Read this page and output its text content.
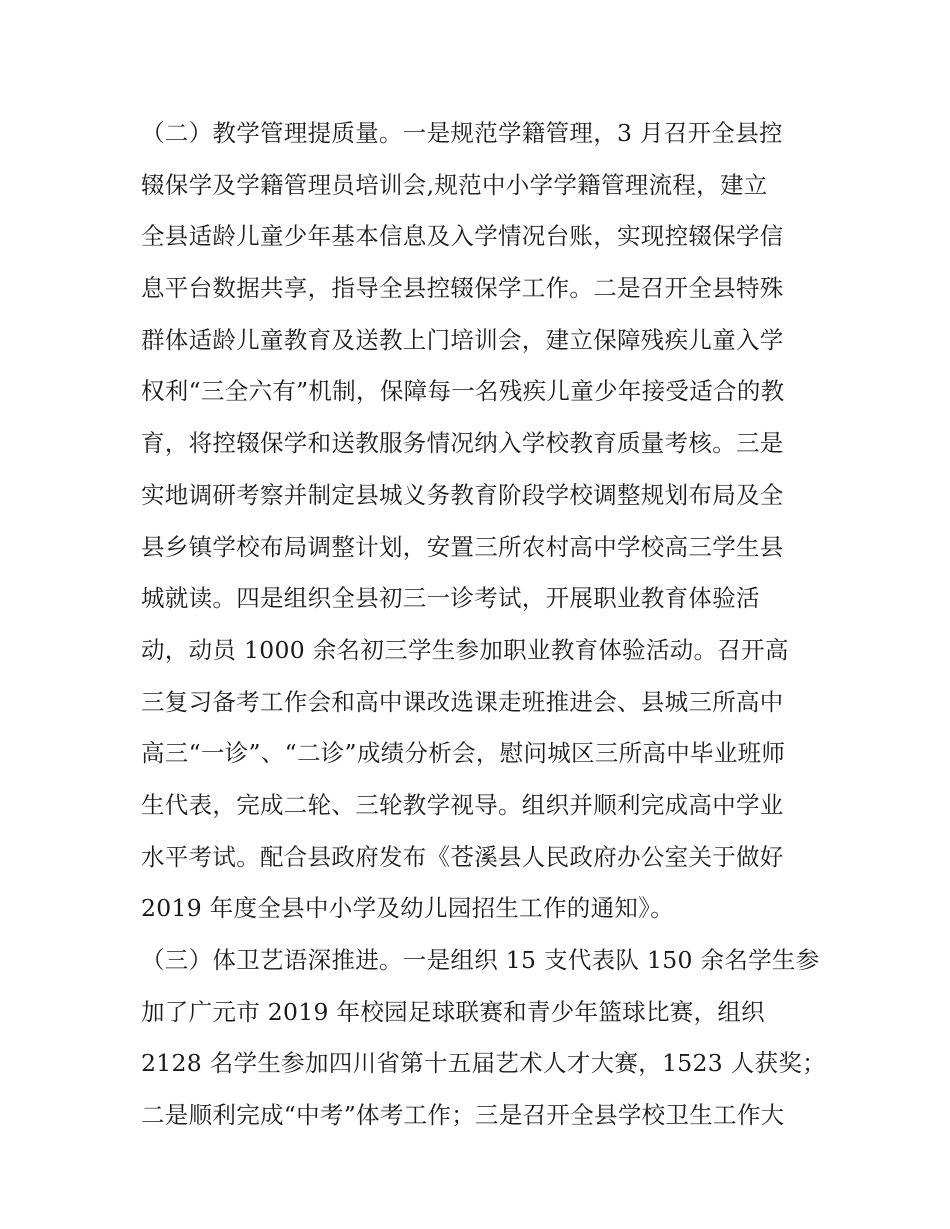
（二）教学管理提质量。一是规范学籍管理，3 月召开全县控
辍保学及学籍管理员培训会,规范中小学学籍管理流程，建立
全县适龄儿童少年基本信息及入学情况台账，实现控辍保学信
息平台数据共享，指导全县控辍保学工作。二是召开全县特殊
群体适龄儿童教育及送教上门培训会，建立保障残疾儿童入学
权利“三全六有”机制，保障每一名残疾儿童少年接受适合的教
育，将控辍保学和送教服务情况纳入学校教育质量考核。三是
实地调研考察并制定县城义务教育阶段学校调整规划布局及全
县乡镇学校布局调整计划，安置三所农村高中学校高三学生县
城就读。四是组织全县初三一诊考试，开展职业教育体验活
动，动员 1000 余名初三学生参加职业教育体验活动。召开高
三复习备考工作会和高中课改选课走班推进会、县城三所高中
高三“一诊”、“二诊”成绩分析会，慰问城区三所高中毕业班师
生代表，完成二轮、三轮教学视导。组织并顺利完成高中学业
水平考试。配合县政府发布《苍溪县人民政府办公室关于做好
2019 年度全县中小学及幼儿园招生工作的通知》。
（三）体卫艺语深推进。一是组织 15 支代表队 150 余名学生参
加了广元市 2019 年校园足球联赛和青少年篮球比赛，组织
2128 名学生参加四川省第十五届艺术人才大赛，1523 人获奖；
二是顺利完成“中考”体考工作；三是召开全县学校卫生工作大
